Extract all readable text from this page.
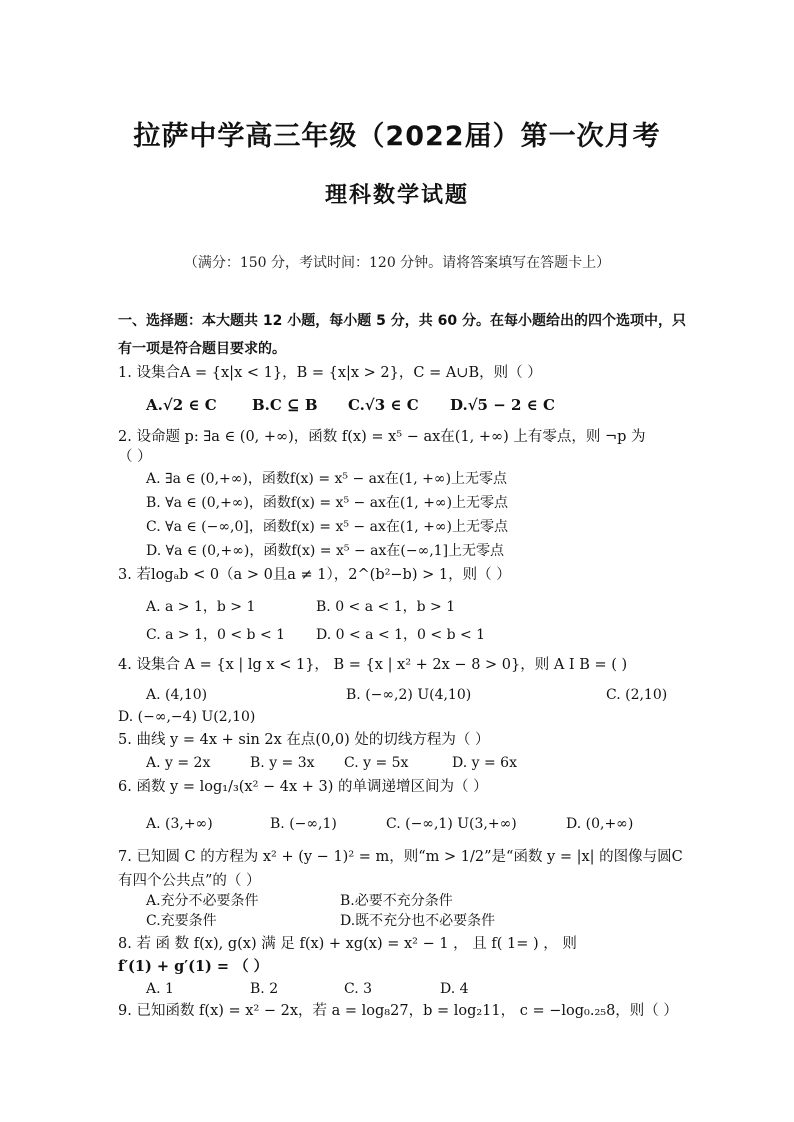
拉萨中学高三年级（2022届）第一次月考
理科数学试题
（满分：150 分，考试时间：120 分钟。请将答案填写在答题卡上）
一、选择题：本大题共 12 小题，每小题 5 分，共 60 分。在每小题给出的四个选项中，只
有一项是符合题目要求的。
1. 设集合A = {x|x < 1}，B = {x|x > 2}，C = A∪B，则（ ）
A.√2 ∈ C B.C ⊆ B C.√3 ∈ C D.√5 − 2 ∈ C
2. 设命题 p: ∃a ∈ (0, +∞)，函数 f(x) = x⁵ − ax在(1, +∞) 上有零点，则 ¬p 为
（ ）
A. ∃a ∈ (0,+∞)，函数f(x) = x⁵ − ax在(1, +∞)上无零点
B. ∀a ∈ (0,+∞)，函数f(x) = x⁵ − ax在(1, +∞)上无零点
C. ∀a ∈ (−∞,0]，函数f(x) = x⁵ − ax在(1, +∞)上无零点
D. ∀a ∈ (0,+∞)，函数f(x) = x⁵ − ax在(−∞,1]上无零点
3. 若logₐb < 0（a > 0且a ≠ 1），2^(b²−b) > 1，则（ ）
A. a > 1，b > 1	B. 0 < a < 1，b > 1
C. a > 1，0 < b < 1 D. 0 < a < 1，0 < b < 1
4. 设集合 A = {x | lg x < 1}， B = {x | x² + 2x − 8 > 0}，则 A I B = ( )
A. (4,10)	B. (−∞,2) U(4,10)	C. (2,10)
D. (−∞,−4) U(2,10)
5. 曲线 y = 4x + sin 2x 在点(0,0) 处的切线方程为（ ）
A. y = 2x	B. y = 3x C. y = 5x	D. y = 6x
6. 函数 y = log₁/₃(x² − 4x + 3) 的单调递增区间为（ ）
A. (3,+∞)	B. (−∞,1)	C. (−∞,1) U(3,+∞)	D. (0,+∞)
7. 已知圆 C 的方程为 x² + (y − 1)² = m，则“m > 1/2”是“函数 y = |x| 的图像与圆C
有四个公共点”的（ ）
A.充分不必要条件	B.必要不充分条件
C.充要条件	D.既不充分也不必要条件
8. 若 函 数 f(x), g(x) 满 足 f(x) + xg(x) = x² − 1 ， 且 f( 1= ) ， 则
f′(1) + g′(1) = （ ）
A. 1	B. 2	C. 3	D. 4
9. 已知函数 f(x) = x² − 2x，若 a = log₈27，b = log₂11， c = −log₀.₂₅8，则（ ）
